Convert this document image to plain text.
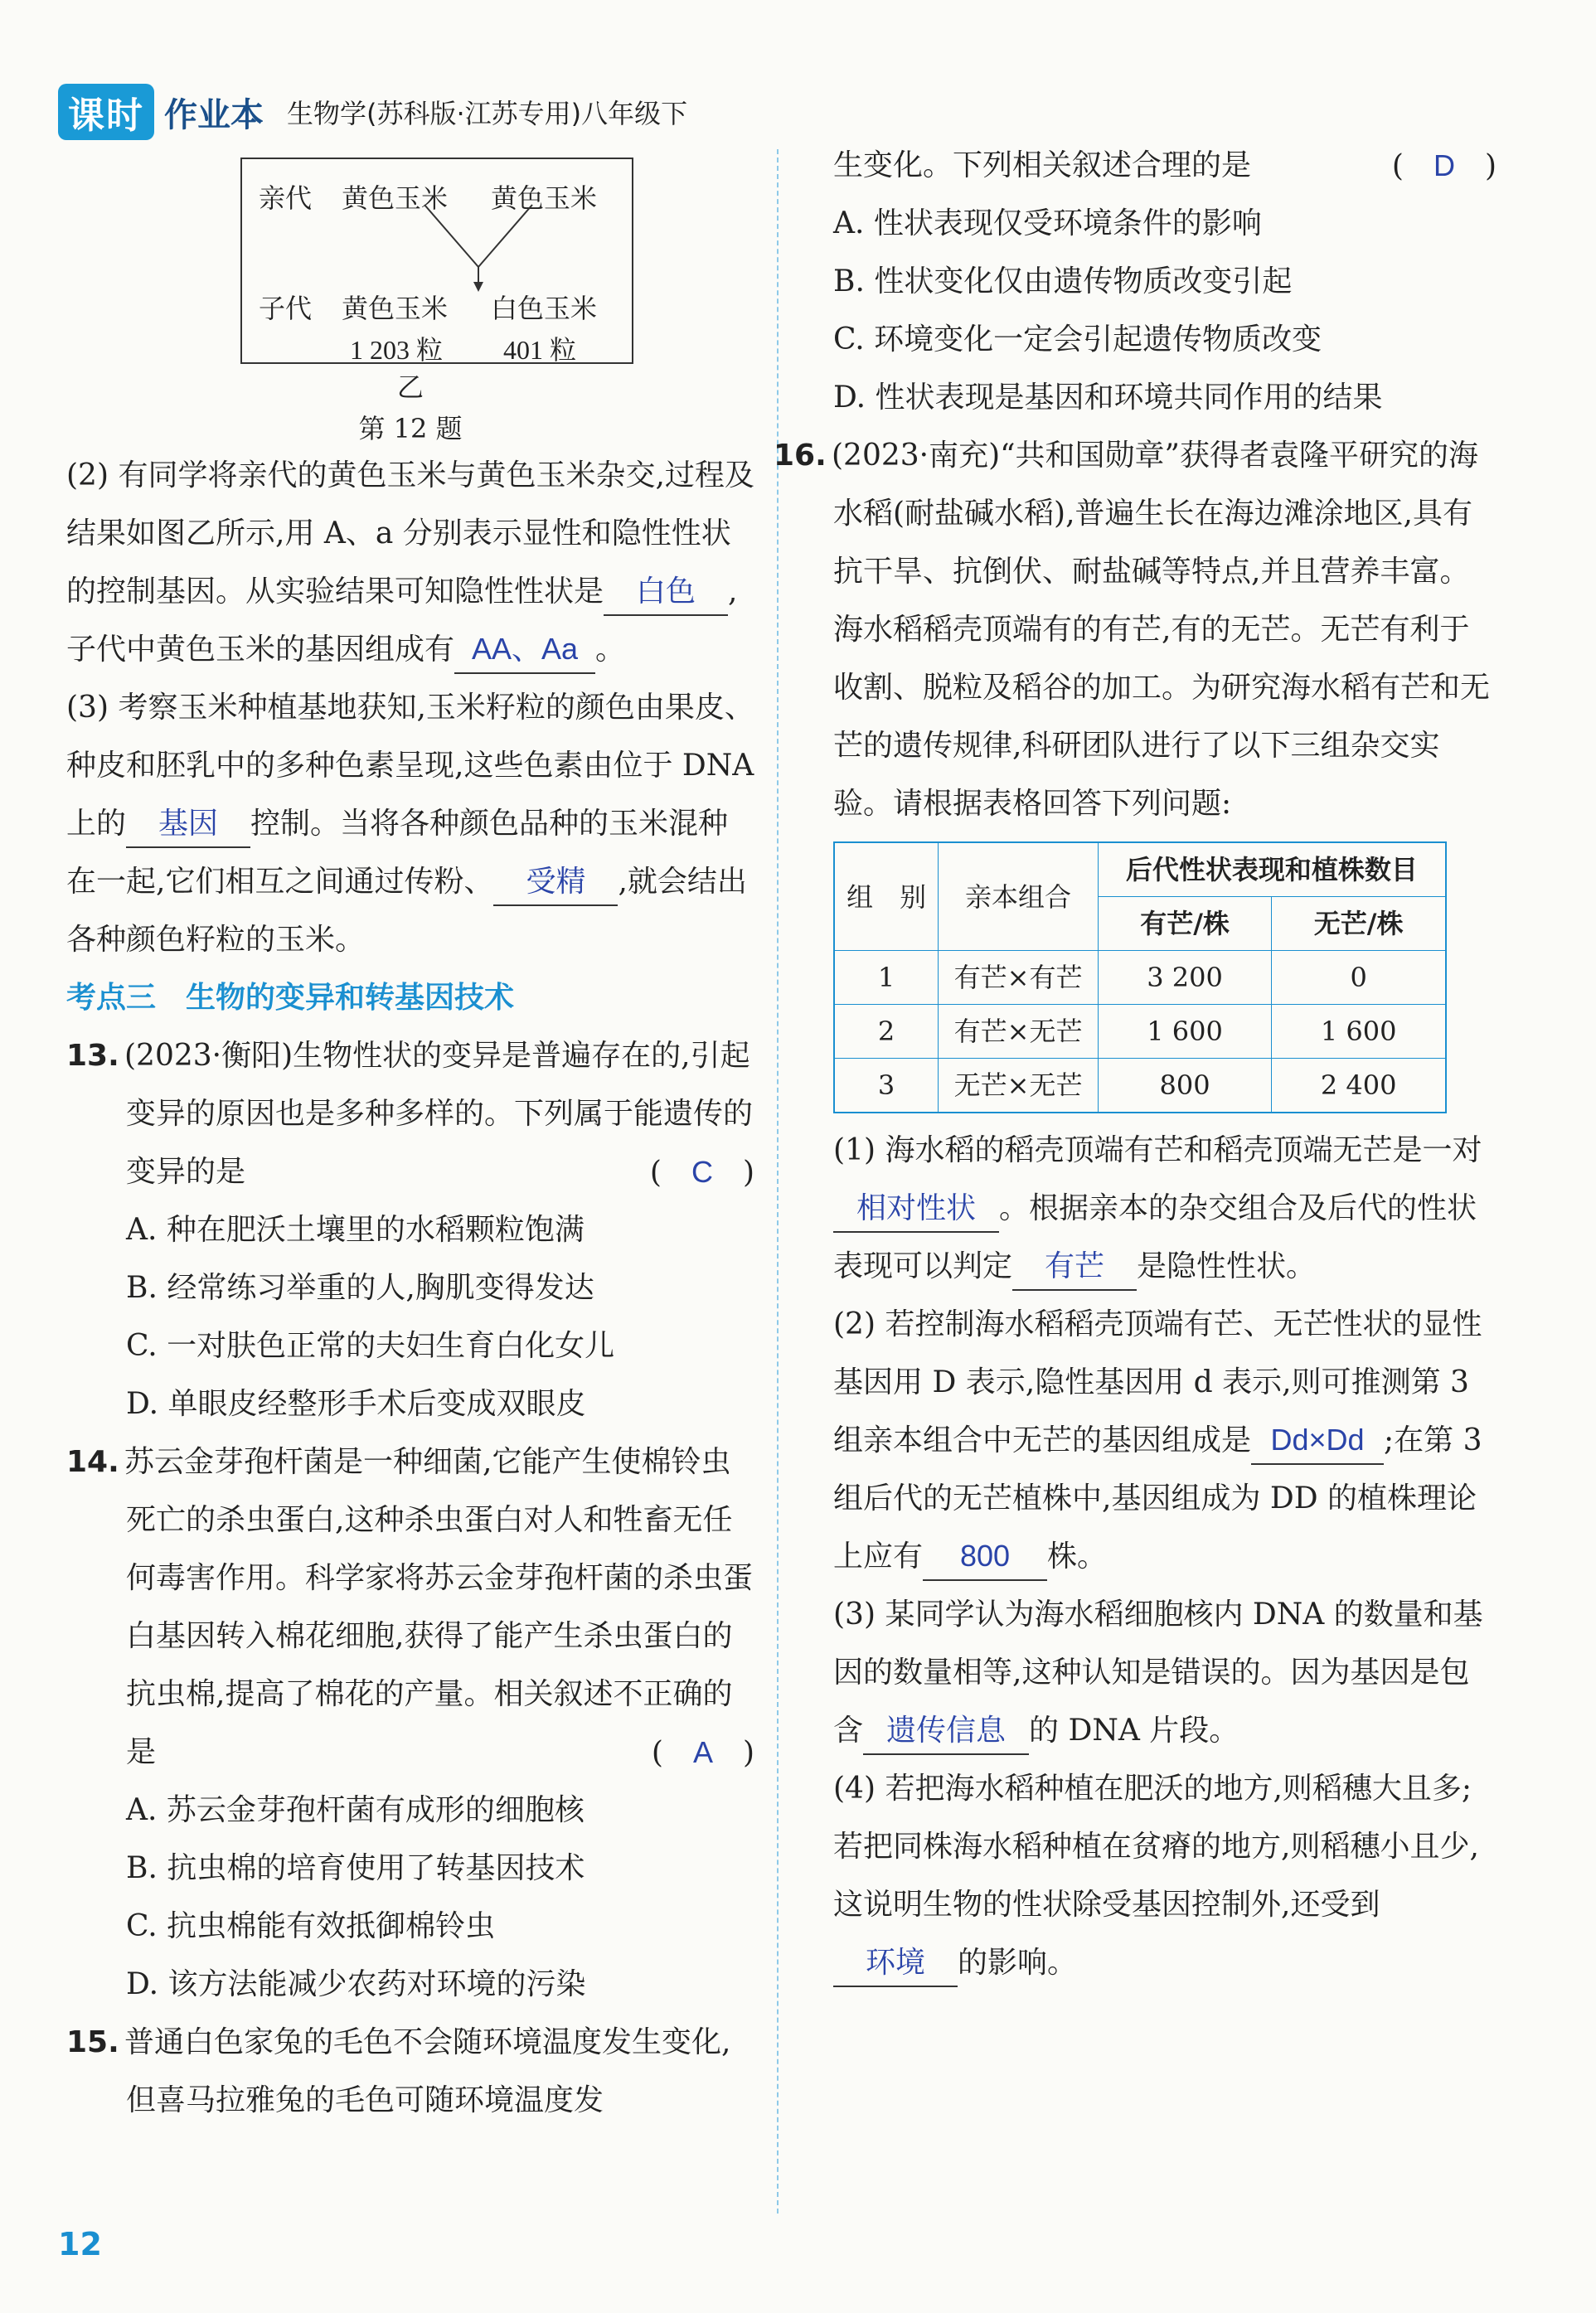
课时 作业本 生物学(苏科版·江苏专用)八年级下
亲代 黄色玉米 黄色玉米
子代 黄色玉米 白色玉米
1 203 粒 401 粒
乙
第 12 题

(2) 有同学将亲代的黄色玉米与黄色玉米杂交,过程及结果如图乙所示,用 A、a 分别表示显性和隐性性状的控制基因。从实验结果可知隐性性状是 白色 ,子代中黄色玉米的基因组成有 AA、Aa 。

(3) 考察玉米种植基地获知,玉米籽粒的颜色由果皮、种皮和胚乳中的多种色素呈现,这些色素由位于 DNA 上的 基因 控制。当将各种颜色品种的玉米混种在一起,它们相互之间通过传粉、 受精 ,就会结出各种颜色籽粒的玉米。

考点三　生物的变异和转基因技术

13. (2023·衡阳)生物性状的变异是普遍存在的,引起变异的原因也是多种多样的。下列属于能遗传的变异的是	(　C　)

A. 种在肥沃土壤里的水稻颗粒饱满

B. 经常练习举重的人,胸肌变得发达

C. 一对肤色正常的夫妇生育白化女儿

D. 单眼皮经整形手术后变成双眼皮

14. 苏云金芽孢杆菌是一种细菌,它能产生使棉铃虫死亡的杀虫蛋白,这种杀虫蛋白对人和牲畜无任何毒害作用。科学家将苏云金芽孢杆菌的杀虫蛋白基因转入棉花细胞,获得了能产生杀虫蛋白的抗虫棉,提高了棉花的产量。相关叙述不正确的是	(　A　)

A. 苏云金芽孢杆菌有成形的细胞核

B. 抗虫棉的培育使用了转基因技术

C. 抗虫棉能有效抵御棉铃虫

D. 该方法能减少农药对环境的污染

15. 普通白色家兔的毛色不会随环境温度发生变化,但喜马拉雅兔的毛色可随环境温度发

生变化。下列相关叙述合理的是	(　D　)

A. 性状表现仅受环境条件的影响

B. 性状变化仅由遗传物质改变引起

C. 环境变化一定会引起遗传物质改变

D. 性状表现是基因和环境共同作用的结果

16. (2023·南充)“共和国勋章”获得者袁隆平研究的海水稻(耐盐碱水稻),普遍生长在海边滩涂地区,具有抗干旱、抗倒伏、耐盐碱等特点,并且营养丰富。海水稻稻壳顶端有的有芒,有的无芒。无芒有利于收割、脱粒及稻谷的加工。为研究海水稻有芒和无芒的遗传规律,科研团队进行了以下三组杂交实验。请根据表格回答下列问题:

组　别	亲本组合	后代性状表现和植株数目	
		有芒/株	无芒/株
1	有芒×有芒	3 200	0
2	有芒×无芒	1 600	1 600
3	无芒×无芒	800	2 400

(1) 海水稻的稻壳顶端有芒和稻壳顶端无芒是一对相对性状 。根据亲本的杂交组合及后代的性状表现可以判定 有芒 是隐性性状。

(2) 若控制海水稻稻壳顶端有芒、无芒性状的显性基因用 D 表示,隐性基因用 d 表示,则可推测第 3 组亲本组合中无芒的基因组成是 Dd×Dd ;在第 3 组后代的无芒植株中,基因组成为 DD 的植株理论上应有 800 株。

(3) 某同学认为海水稻细胞核内 DNA 的数量和基因的数量相等,这种认知是错误的。因为基因是包含 遗传信息 的 DNA 片段。

(4) 若把海水稻种植在肥沃的地方,则稻穗大且多;若把同株海水稻种植在贫瘠的地方,则稻穗小且少,这说明生物的性状除受基因控制外,还受到环境 的影响。

12
